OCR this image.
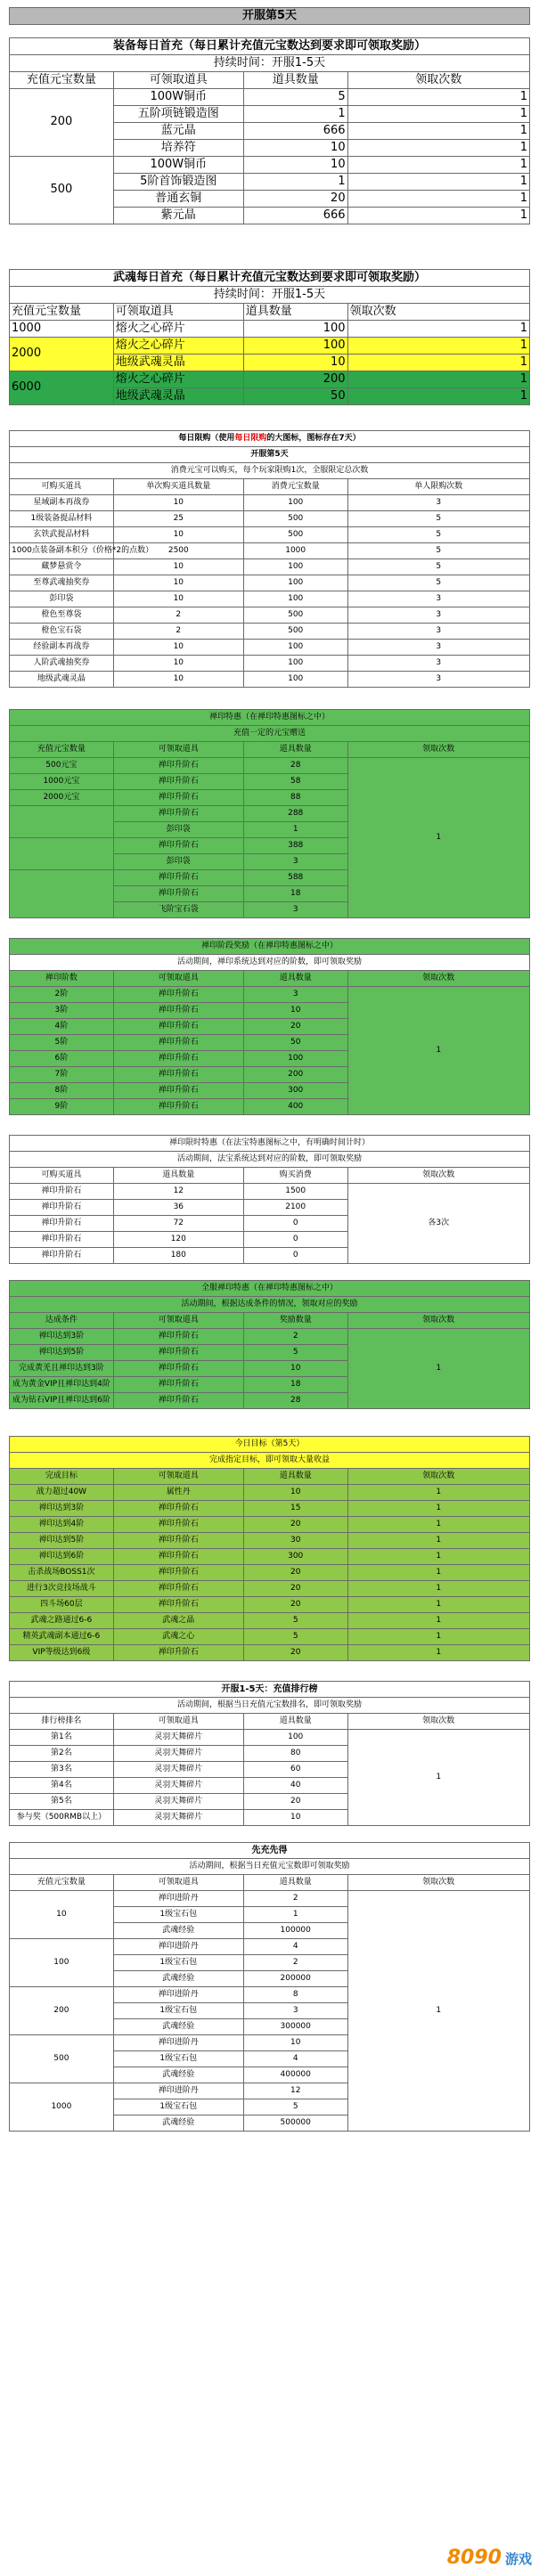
开服第5天
装备每日首充（每日累计充值元宝数达到要求即可领取奖励）			
持续时间：开服1-5天			
充值元宝数量	可领取道具	道具数量	领取次数
200	100W铜币	5	1
	五阶项链锻造图	1	1
	蓝元晶	666	1
	培养符	10	1
500	100W铜币	10	1
	5阶首饰锻造图	1	1
	普通玄铜	20	1
	紫元晶	666	1
武魂每日首充（每日累计充值元宝数达到要求即可领取奖励）			
持续时间：开服1-5天			
充值元宝数量	可领取道具	道具数量	领取次数
1000	熔火之心碎片	100	1
2000	熔火之心碎片	100	1
	地级武魂灵晶	10	1
6000	熔火之心碎片	200	1
	地级武魂灵晶	50	1
每日限购（使用每日限购的大图标，图标存在7天）			
开服第5天			
消费元宝可以购买，每个玩家限购1次，全服限定总次数			
可购买道具	单次购买道具数量	消费元宝数量	单人限购次数
星域副本再战券	10	100	3
1级装备提品材料	25	500	5
玄铁武提品材料	10	500	5
1000点装备副本积分（价格*2的点数）	2500	1000	5
藏梦悬赏令	10	100	5
至尊武魂抽奖券	10	100	5
彭印袋	10	100	3
橙色至尊袋	2	500	3
橙色宝石袋	2	500	3
经验副本再战券	10	100	3
人阶武魂抽奖券	10	100	3
地级武魂灵晶	10	100	3
禅印特惠（在禅印特惠图标之中）			
充值一定的元宝赠送			
充值元宝数量	可领取道具	道具数量	领取次数
500元宝	禅印升阶石	28	1
1000元宝	禅印升阶石	58	
2000元宝	禅印升阶石	88	
	禅印升阶石	288	
	彭印袋	1	
	禅印升阶石	388	
	彭印袋	3	
	禅印升阶石	588	
	禅印升阶石	18	
	飞阶宝石袋	3	
禅印阶段奖励（在禅印特惠图标之中）			
活动期间，禅印系统达到对应的阶数，即可领取奖励			
禅印阶数	可领取道具	道具数量	领取次数
2阶	禅印升阶石	3	1
3阶	禅印升阶石	10	
4阶	禅印升阶石	20	
5阶	禅印升阶石	50	
6阶	禅印升阶石	100	
7阶	禅印升阶石	200	
8阶	禅印升阶石	300	
9阶	禅印升阶石	400	
禅印限时特惠（在法宝特惠图标之中，有明确时间计时）			
活动期间，法宝系统达到对应的阶数，即可领取奖励			
可购买道具	道具数量	购买消费	领取次数
禅印升阶石	12	1500	各3次
禅印升阶石	36	2100	
禅印升阶石	72	0	
禅印升阶石	120	0	
禅印升阶石	180	0	
全服禅印特惠（在禅印特惠图标之中）			
活动期间，根据达成条件的情况，领取对应的奖励			
达成条件	可领取道具	奖励数量	领取次数
禅印达到3阶	禅印升阶石	2	1
禅印达到5阶	禅印升阶石	5	
完成黄羌且禅印达到3阶	禅印升阶石	10	
成为黄金VIP且禅印达到4阶	禅印升阶石	18	
成为钻石VIP且禅印达到6阶	禅印升阶石	28	
今日目标（第5天）			
完成指定目标，即可领取大量收益			
完成目标	可领取道具	道具数量	领取次数
战力超过40W	属性丹	10	1
禅印达到3阶	禅印升阶石	15	1
禅印达到4阶	禅印升阶石	20	1
禅印达到5阶	禅印升阶石	30	1
禅印达到6阶	禅印升阶石	300	1
击杀战场BOSS1次	禅印升阶石	20	1
进行3次竞技场战斗	禅印升阶石	20	1
四斗场60层	禅印升阶石	20	1
武魂之路通过6-6	武魂之晶	5	1
精英武魂副本通过6-6	武魂之心	5	1
VIP等级达到6级	禅印升阶石	20	1
开服1-5天：充值排行榜			
活动期间，根据当日充值元宝数排名，即可领取奖励			
排行榜排名	可领取道具	道具数量	领取次数
第1名	灵羽天舞碎片	100	1
第2名	灵羽天舞碎片	80	
第3名	灵羽天舞碎片	60	
第4名	灵羽天舞碎片	40	
第5名	灵羽天舞碎片	20	
参与奖（500RMB以上）	灵羽天舞碎片	10	
先充先得			
活动期间，根据当日充值元宝数即可领取奖励			
充值元宝数量	可领取道具	道具数量	领取次数
10	禅印进阶丹	2	1
	1级宝石包	1	
	武魂经验	100000	
100	禅印进阶丹	4	
	1级宝石包	2	
	武魂经验	200000	
200	禅印进阶丹	8	
	1级宝石包	3	
	武魂经验	300000	
500	禅印进阶丹	10	
	1级宝石包	4	
	武魂经验	400000	
1000	禅印进阶丹	12	
	1级宝石包	5	
	武魂经验	500000	
8090 游戏
